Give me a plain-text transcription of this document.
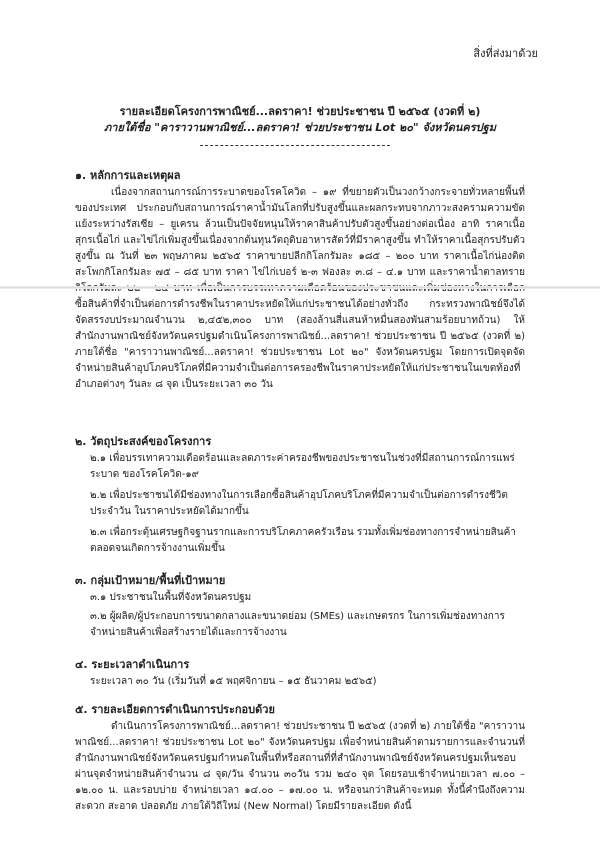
สิ่งที่ส่งมาด้วย
รายละเอียดโครงการพาณิชย์...ลดราคา! ช่วยประชาชน ปี ๒๕๖๕ (งวดที่ ๒)
ภายใต้ชื่อ "คาราวานพาณิชย์...ลดราคา! ช่วยประชาชน Lot ๒๐" จังหวัดนครปฐม
๑. หลักการและเหตุผล

เนื่องจากสถานการณ์การระบาดของโรคโควิด – ๑๙ ที่ขยายตัวเป็นวงกว้างกระจายทั่วหลายพื้นที่ของประเทศ ประกอบกับสถานการณ์ราคาน้ำมันโลกที่ปรับสูงขึ้นและผลกระทบจากภาวะสงครามความขัดแย้งระหว่างรัสเซีย – ยูเครน ล้วนเป็นปัจจัยหนุนให้ราคาสินค้าปรับตัวสูงขึ้นอย่างต่อเนื่อง อาทิ ราคาเนื้อสุกรเนื้อไก่ และไข่ไก่เพิ่มสูงขึ้นเนื่องจากต้นทุนวัตถุดิบอาหารสัตว์ที่มีราคาสูงขึ้น ทำให้ราคาเนื้อสุกรปรับตัวสูงขึ้น ณ วันที่ ๒๓ พฤษภาคม ๒๕๖๕ ราคาขายปลีกกิโลกรัมละ ๑๘๕ – ๒๐๐ บาท ราคาเนื้อไก่น่องติดสะโพกกิโลกรัมละ ๗๕ – ๘๕ บาท ราคา ไข่ไก่เบอร์ ๒-๓ ฟองละ ๓.๘ – ๔.๑ บาท และราคาน้ำตาลทราย ซื้อสินค้าที่จำเป็นต่อการดำรงชีพในราคาประหยัดให้แก่ประชาชนได้อย่างทั่วถึง กระทรวงพาณิชย์จึงได้จัดสรรงบประมาณจำนวน ๒,๔๕๒,๓๐๐ บาท (สองล้านสี่แสนห้าหมื่นสองพันสามร้อยบาทถ้วน) ให้สำนักงานพาณิชย์จังหวัดนครปฐมดำเนินโครงการพาณิชย์...ลดราคา! ช่วยประชาชน ปี ๒๕๖๕ (งวดที่ ๒) ภายใต้ชื่อ "คาราวานพาณิชย์...ลดราคา! ช่วยประชาชน Lot ๒๐" จังหวัดนครปฐม โดยการเปิดจุดจัดจำหน่ายสินค้าอุปโภคบริโภคที่มีความจำเป็นต่อการครองชีพในราคาประหยัดให้แก่ประชาชนในเขตท้องที่อำเภอต่างๆ วันละ ๘ จุด เป็นระยะเวลา ๓๐ วัน

๒. วัตถุประสงค์ของโครงการ

๒.๑ เพื่อบรรเทาความเดือดร้อนและลดภาระค่าครองชีพของประชาชนในช่วงที่มีสถานการณ์การแพร่ระบาด ของโรคโควิด-๑๙

๒.๒ เพื่อประชาชนได้มีช่องทางในการเลือกซื้อสินค้าอุปโภคบริโภคที่มีความจำเป็นต่อการดำรงชีวิตประจำวัน ในราคาประหยัดได้มากขึ้น

๒.๓ เพื่อกระตุ้นเศรษฐกิจฐานรากและการบริโภคภาคครัวเรือน รวมทั้งเพิ่มช่องทางการจำหน่ายสินค้าตลอดจนเกิดการจ้างงานเพิ่มขึ้น

๓. กลุ่มเป้าหมาย/พื้นที่เป้าหมาย

๓.๑ ประชาชนในพื้นที่จังหวัดนครปฐม

๓.๒ ผู้ผลิต/ผู้ประกอบการขนาดกลางและขนาดย่อม (SMEs) และเกษตรกร ในการเพิ่มช่องทางการจำหน่ายสินค้าเพื่อสร้างรายได้และการจ้างงาน

๔. ระยะเวลาดำเนินการ

ระยะเวลา ๓๐ วัน (เริ่มวันที่ ๑๕ พฤศจิกายน – ๑๕ ธันวาคม ๒๕๖๕)

๕. รายละเอียดการดำเนินการประกอบด้วย

ดำเนินการโครงการพาณิชย์...ลดราคา! ช่วยประชาชน ปี ๒๕๖๕ (งวดที่ ๒) ภายใต้ชื่อ "คาราวานพาณิชย์...ลดราคา! ช่วยประชาชน Lot ๒๐" จังหวัดนครปฐม เพื่อจำหน่ายสินค้าตามรายการและจำนวนที่สำนักงานพาณิชย์จังหวัดนครปฐมกำหนดในพื้นที่หรือสถานที่ที่สำนักงานพาณิชย์จังหวัดนครปฐมเห็นชอบ ผ่านจุดจำหน่ายสินค้าจำนวน ๘ จุด/วัน จำนวน ๓๐วัน รวม ๒๔๐ จุด โดยรอบเช้าจำหน่ายเวลา ๗.๐๐ – ๑๒.๐๐ น. และรอบบ่าย จำหน่ายเวลา ๑๔.๐๐ – ๑๗.๐๐ น. หรือจนกว่าสินค้าจะหมด ทั้งนี้คำนึงถึงความสะดวก สะอาด ปลอดภัย ภายใต้วิถีใหม่ (New Normal) โดยมีรายละเอียด ดังนี้
